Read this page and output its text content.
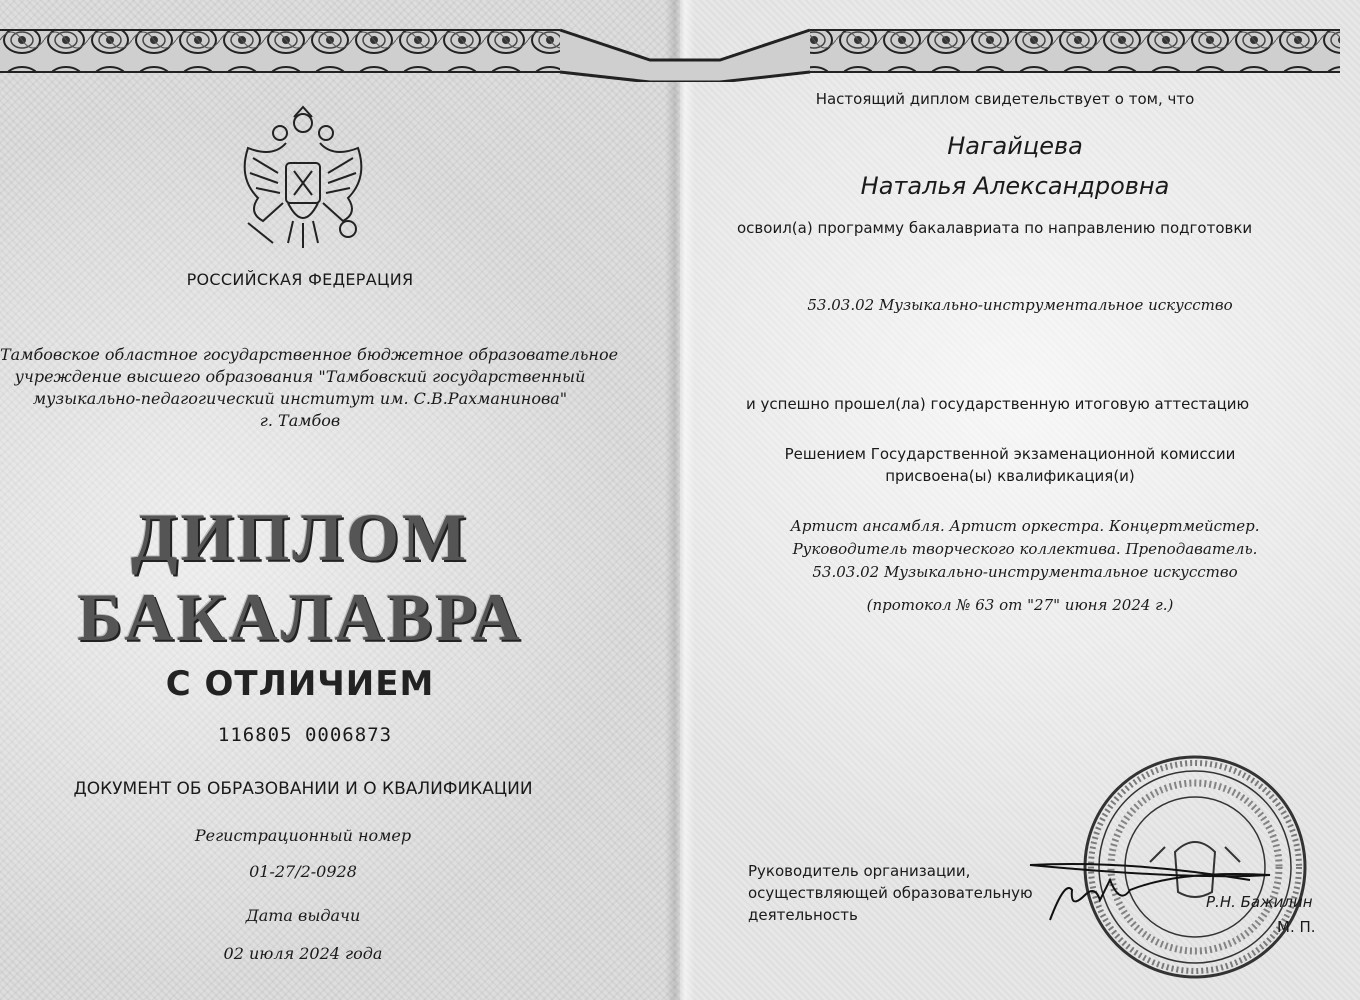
РОССИЙСКАЯ ФЕДЕРАЦИЯ
Тамбовское областное государственное бюджетное образовательное
учреждение высшего образования "Тамбовский государственный
музыкально-педагогический институт им. С.В.Рахманинова"
г. Тамбов
ДИПЛОМ
БАКАЛАВРА
С ОТЛИЧИЕМ
116805 0006873
ДОКУМЕНТ ОБ ОБРАЗОВАНИИ И О КВАЛИФИКАЦИИ
Регистрационный номер
01-27/2-0928
Дата выдачи
02 июля 2024 года
Настоящий диплом свидетельствует о том, что
Нагайцева
Наталья Александровна
освоил(а) программу бакалавриата по направлению подготовки
53.03.02 Музыкально-инструментальное искусство
и успешно прошел(ла) государственную итоговую аттестацию
Решением Государственной экзаменационной комиссии
присвоена(ы) квалификация(и)
Артист ансамбля. Артист оркестра. Концертмейстер.
Руководитель творческого коллектива. Преподаватель.
53.03.02 Музыкально-инструментальное искусство
(протокол № 63 от "27" июня 2024 г.)
Руководитель организации,
осуществляющей образовательную
деятельность
Р.Н. Бажилин
М. П.
